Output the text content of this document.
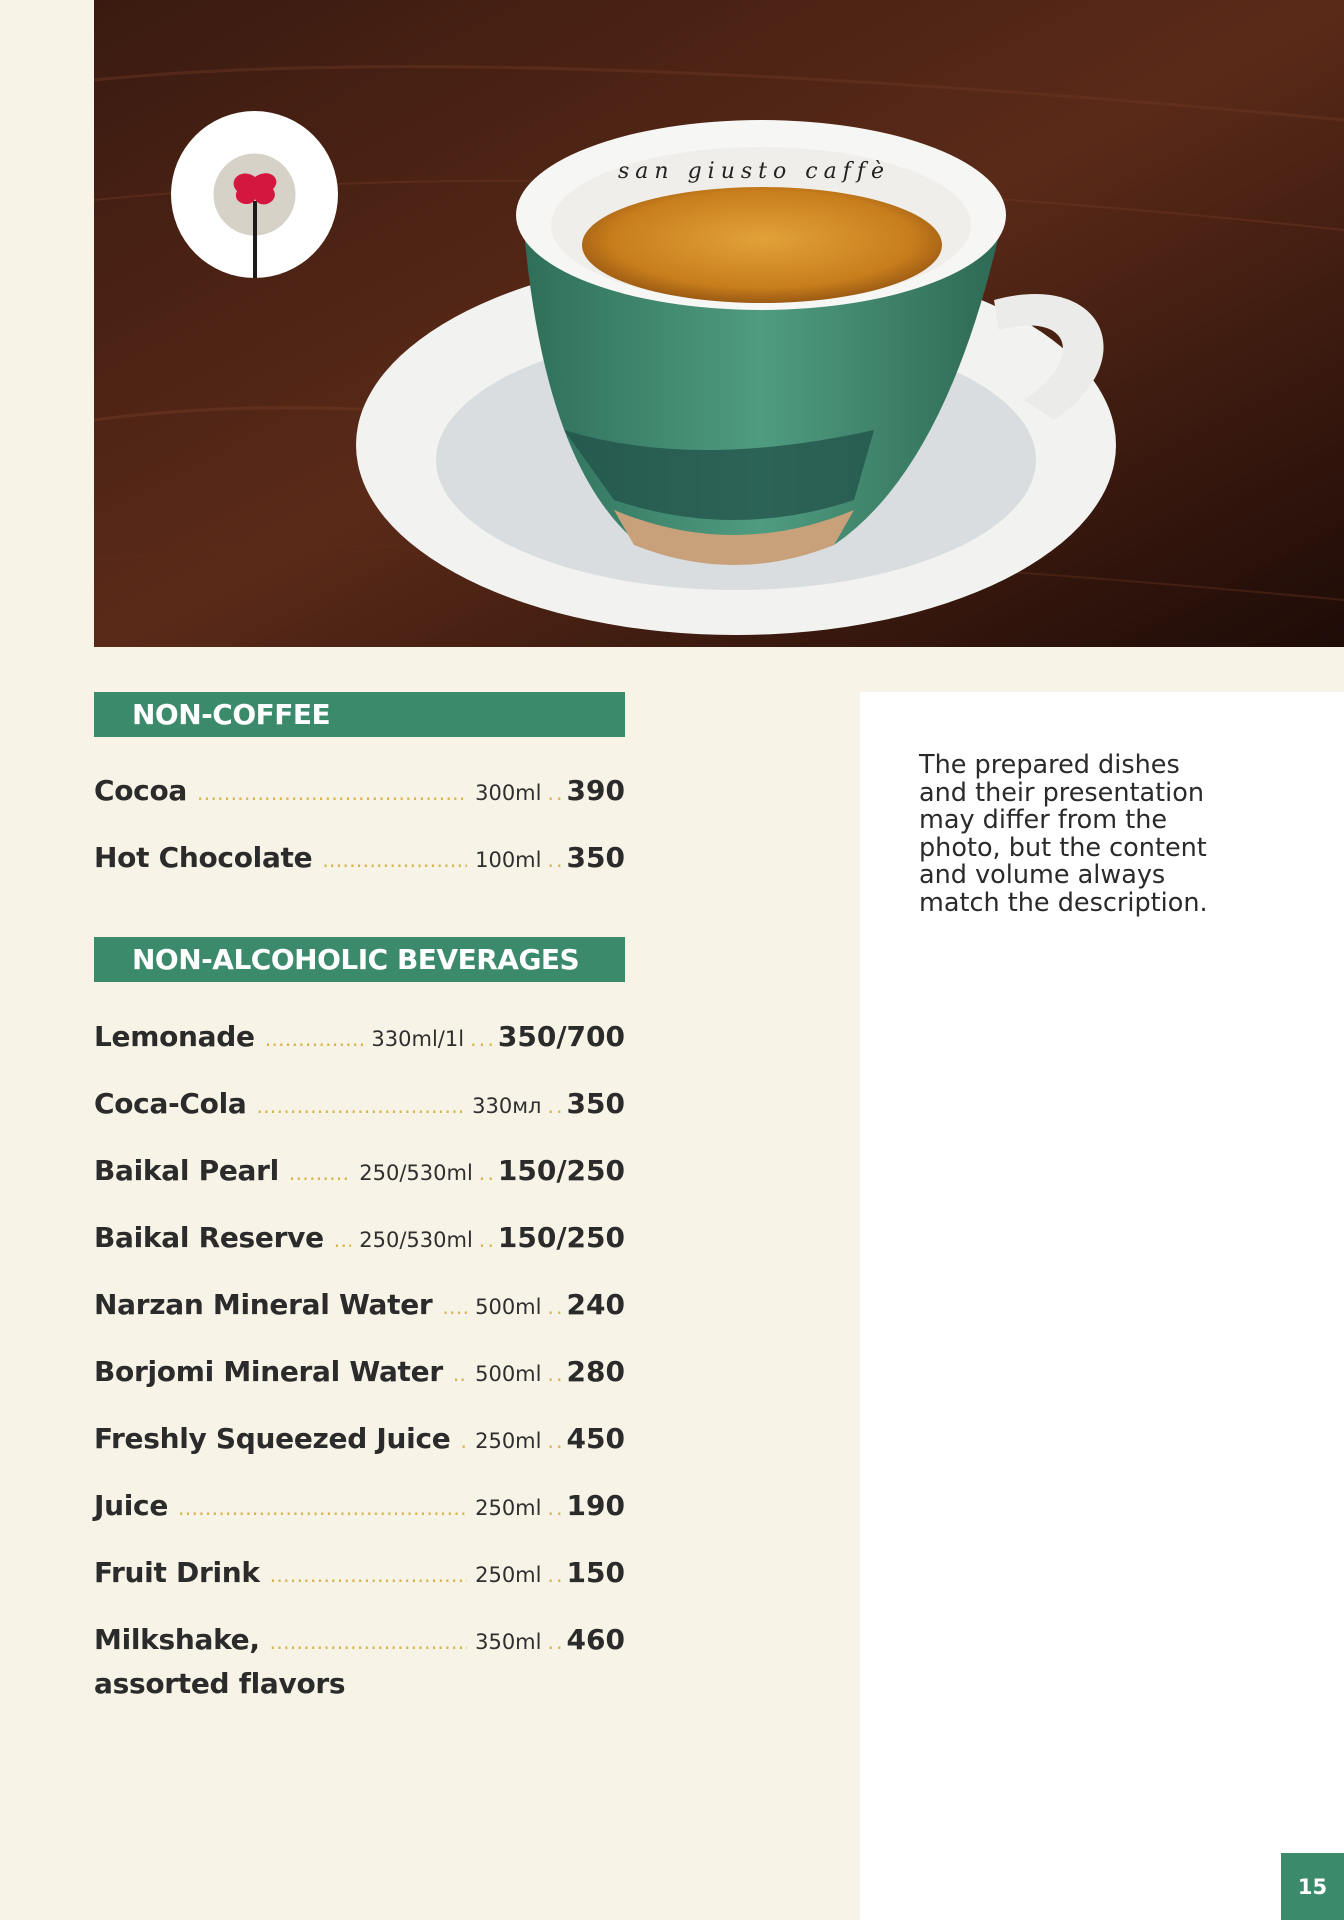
san giusto caffè
NON-COFFEE
Cocoa . . .	300ml . . 390
Hot Chocolate . . .	100ml . . 350
NON-ALCOHOLIC BEVERAGES
Lemonade . . .	330ml/1l . . . 350/700
Coca-Cola . . .	330мл . . 350
Baikal Pearl . . .	250/530ml . . 150/250
Baikal Reserve . . . 250/530ml . . 150/250
Narzan Mineral Water . . . 500ml . . 240
Borjomi Mineral Water . . . 500ml . . 280
Freshly Squeezed Juice . . . 250ml . . 450
Juice . . .	250ml . . 190
Fruit Drink . . .	250ml . . 150
Milkshake, . . .	350ml . . 460
assorted flavors

The prepared dishes and their presentation may differ from the photo, but the content and volume always match the description.

15
